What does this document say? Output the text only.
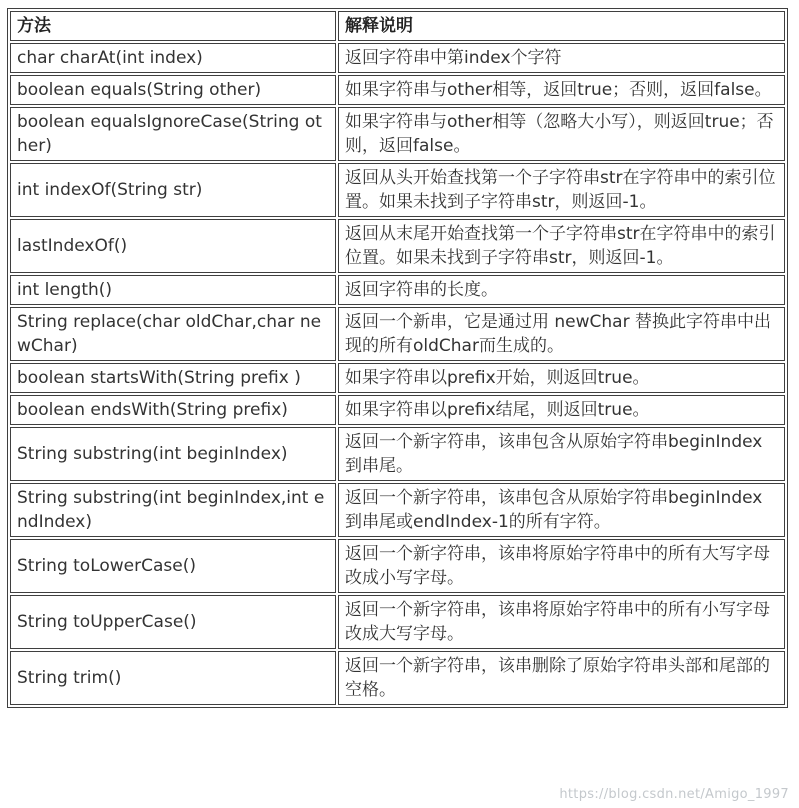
方法	解释说明
char charAt(int index)	返回字符串中第index个字符
boolean equals(String other)	如果字符串与other相等，返回true；否则，返回false。
boolean equalsIgnoreCase(String other)	如果字符串与other相等（忽略大小写），则返回true；否则，返回false。
int indexOf(String str)	返回从头开始查找第一个子字符串str在字符串中的索引位置。如果未找到子字符串str，则返回-1。
lastIndexOf()	返回从末尾开始查找第一个子字符串str在字符串中的索引位置。如果未找到子字符串str，则返回-1。
int length()	返回字符串的长度。
String replace(char oldChar,char newChar)	返回一个新串，它是通过用 newChar 替换此字符串中出现的所有oldChar而生成的。
boolean startsWith(String prefix )	如果字符串以prefix开始，则返回true。
boolean endsWith(String prefix)	如果字符串以prefix结尾，则返回true。
String substring(int beginIndex)	返回一个新字符串，该串包含从原始字符串beginIndex到串尾。
String substring(int beginIndex,int endIndex)	返回一个新字符串，该串包含从原始字符串beginIndex到串尾或endIndex-1的所有字符。
String toLowerCase()	返回一个新字符串，该串将原始字符串中的所有大写字母改成小写字母。
String toUpperCase()	返回一个新字符串，该串将原始字符串中的所有小写字母改成大写字母。
String trim()	返回一个新字符串，该串删除了原始字符串头部和尾部的空格。
https://blog.csdn.net/Amigo_1997
